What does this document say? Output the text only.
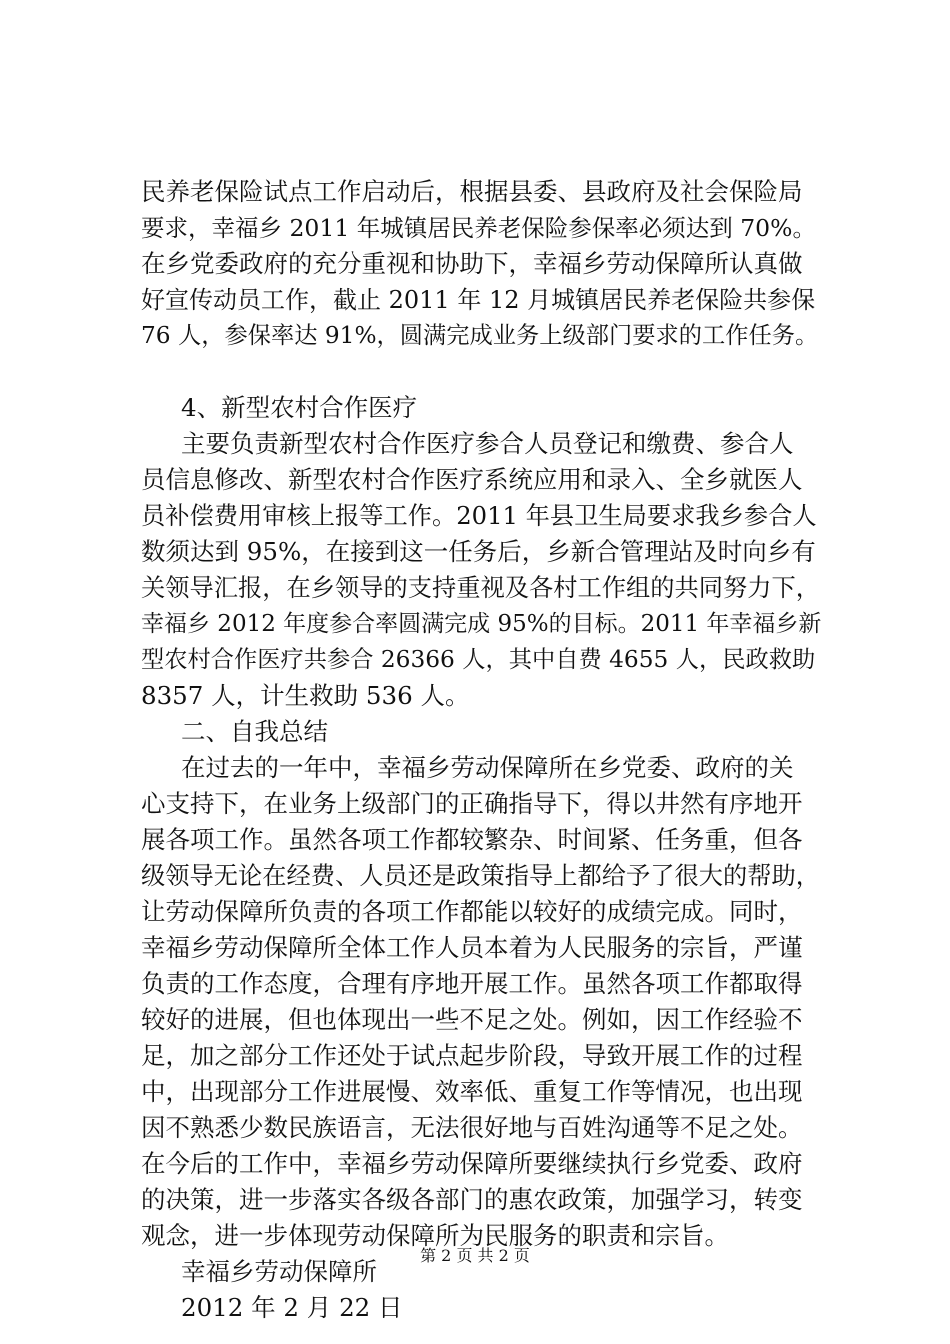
民养老保险试点工作启动后，根据县委、县政府及社会保险局
要求，幸福乡 2011 年城镇居民养老保险参保率必须达到 70%。
在乡党委政府的充分重视和协助下，幸福乡劳动保障所认真做
好宣传动员工作，截止 2011 年 12 月城镇居民养老保险共参保
76 人，参保率达 91%，圆满完成业务上级部门要求的工作任务。
4、新型农村合作医疗
主要负责新型农村合作医疗参合人员登记和缴费、参合人
员信息修改、新型农村合作医疗系统应用和录入、全乡就医人
员补偿费用审核上报等工作。2011 年县卫生局要求我乡参合人
数须达到 95%，在接到这一任务后，乡新合管理站及时向乡有
关领导汇报，在乡领导的支持重视及各村工作组的共同努力下，
幸福乡 2012 年度参合率圆满完成 95%的目标。2011 年幸福乡新
型农村合作医疗共参合 26366 人，其中自费 4655 人，民政救助
8357 人，计生救助 536 人。
二、自我总结
在过去的一年中，幸福乡劳动保障所在乡党委、政府的关
心支持下，在业务上级部门的正确指导下，得以井然有序地开
展各项工作。虽然各项工作都较繁杂、时间紧、任务重，但各
级领导无论在经费、人员还是政策指导上都给予了很大的帮助，
让劳动保障所负责的各项工作都能以较好的成绩完成。同时，
幸福乡劳动保障所全体工作人员本着为人民服务的宗旨，严谨
负责的工作态度，合理有序地开展工作。虽然各项工作都取得
较好的进展，但也体现出一些不足之处。例如，因工作经验不
足，加之部分工作还处于试点起步阶段，导致开展工作的过程
中，出现部分工作进展慢、效率低、重复工作等情况，也出现
因不熟悉少数民族语言，无法很好地与百姓沟通等不足之处。
在今后的工作中，幸福乡劳动保障所要继续执行乡党委、政府
的决策，进一步落实各级各部门的惠农政策，加强学习，转变
观念，进一步体现劳动保障所为民服务的职责和宗旨。
幸福乡劳动保障所
2012 年 2 月 22 日
第 2 页 共 2 页
